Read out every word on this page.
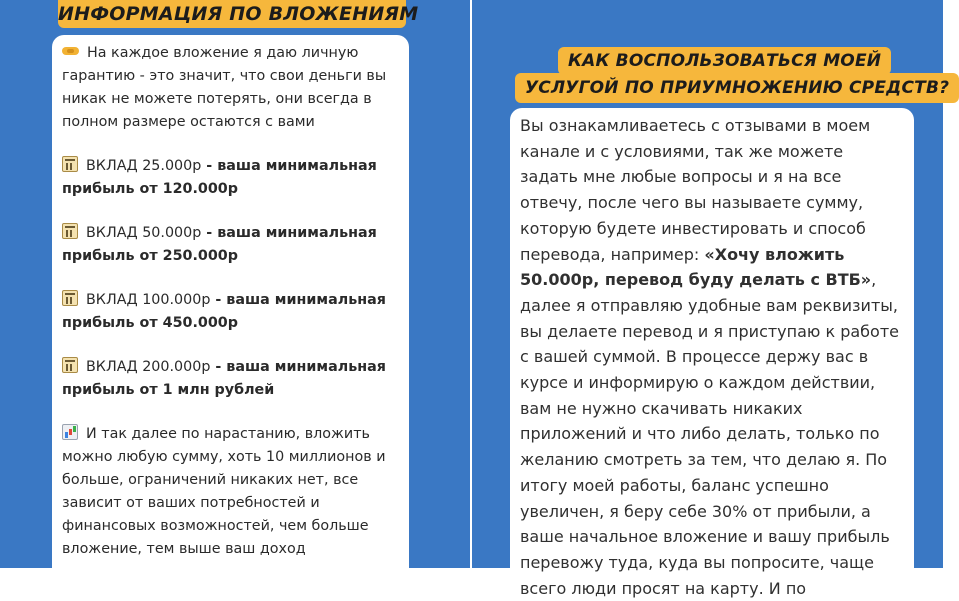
ИНФОРМАЦИЯ ПО ВЛОЖЕНИЯМ
На каждое вложение я даю личную гарантию - это значит, что свои деньги вы никак не можете потерять, они всегда в полном размере остаются с вами
ВКЛАД 25.000р - ваша минимальная прибыль от 120.000р
ВКЛАД 50.000р - ваша минимальная прибыль от 250.000р
ВКЛАД 100.000р - ваша минимальная прибыль от 450.000р
ВКЛАД 200.000р - ваша минимальная прибыль от 1 млн рублей
И так далее по нарастанию, вложить можно любую сумму, хоть 10 миллионов и больше, ограничений никаких нет, все зависит от ваших потребностей и финансовых возможностей, чем больше вложение, тем выше ваш доход
КАК ВОСПОЛЬЗОВАТЬСЯ МОЕЙ
УСЛУГОЙ ПО ПРИУМНОЖЕНИЮ СРЕДСТВ?
Вы ознакамливаетесь с отзывами в моем канале и с условиями, так же можете задать мне любые вопросы и я на все отвечу, после чего вы называете сумму, которую будете инвестировать и способ перевода, например: «Хочу вложить 50.000р, перевод буду делать с ВТБ», далее я отправляю удобные вам реквизиты, вы делаете перевод и я приступаю к работе с вашей суммой. В процессе держу вас в курсе и информирую о каждом действии, вам не нужно скачивать никаких приложений и что либо делать, только по желанию смотреть за тем, что делаю я. По итогу моей работы, баланс успешно увеличен, я беру себе 30% от прибыли, а ваше начальное вложение и вашу прибыль перевожу туда, куда вы попросите, чаще всего люди просят на карту. И по
